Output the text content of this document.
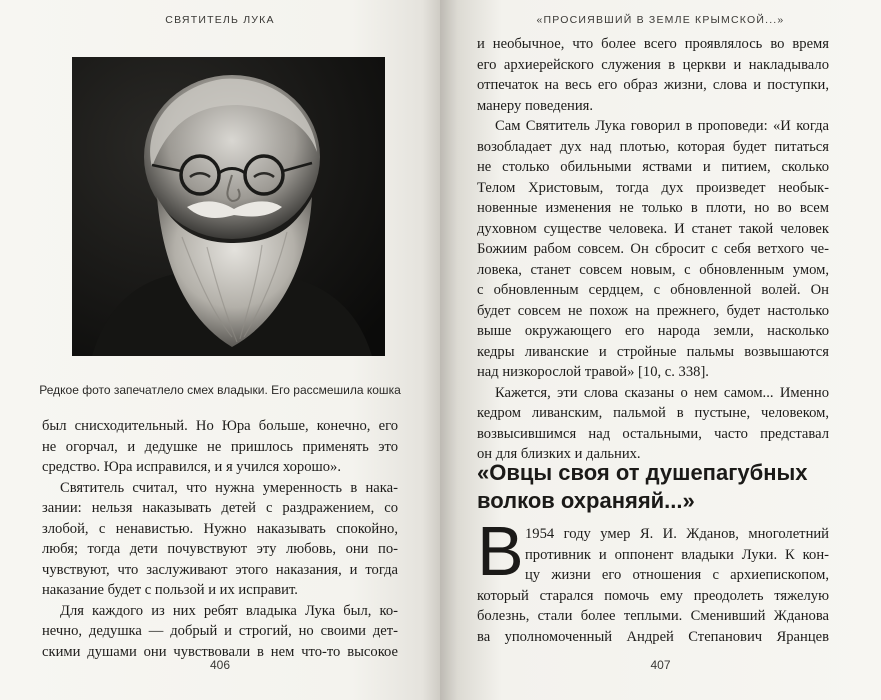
СВЯТИТЕЛЬ ЛУКА
Редкое фото запечатлело смех владыки. Его рассмешила кошка
был снисходительный. Но Юра больше, конечно, его
не огорчал, и дедушке не пришлось применять это
средство. Юра исправился, и я учился хорошо».
Святитель считал, что нужна умеренность в нака-
зании: нельзя наказывать детей с раздражением, со
злобой, с ненавистью. Нужно наказывать спокойно,
любя; тогда дети почувствуют эту любовь, они по-
чувствуют, что заслуживают этого наказания, и тогда
наказание будет с пользой и их исправит.
Для каждого из них ребят владыка Лука был, ко-
нечно, дедушка — добрый и строгий, но своими дет-
скими душами они чувствовали в нем что-то высокое
406
«ПРОСИЯВШИЙ В ЗЕМЛЕ КРЫМСКОЙ...»
407
и необычное, что более всего проявлялось во время
его архиерейского служения в церкви и накладывало
отпечаток на весь его образ жизни, слова и поступки,
манеру поведения.
Сам Святитель Лука говорил в проповеди: «И когда
возобладает дух над плотью, которая будет питаться
не столько обильными яствами и питием, сколько
Телом Христовым, тогда дух произведет необык-
новенные изменения не только в плоти, но во всем
духовном существе человека. И станет такой человек
Божиим рабом совсем. Он сбросит с себя ветхого че-
ловека, станет совсем новым, с обновленным умом,
с обновленным сердцем, с обновленной волей. Он
будет совсем не похож на прежнего, будет настолько
выше окружающего его народа земли, насколько
кедры ливанские и стройные пальмы возвышаются
над низкорослой травой» [10, с. 338].
Кажется, эти слова сказаны о нем самом... Именно
кедром ливанским, пальмой в пустыне, человеком,
возвысившимся над остальными, часто представал
он для близких и дальних.
«Овцы своя от душепагубных
волков охраняяй...»
В 1954 году умер Я. И. Жданов, многолетний
противник и оппонент владыки Луки. К кон-
цу жизни его отношения с архиепископом,
который старался помочь ему преодолеть тяжелую
болезнь, стали более теплыми. Сменивший Жданова
ва уполномоченный Андрей Степанович Яранцев
